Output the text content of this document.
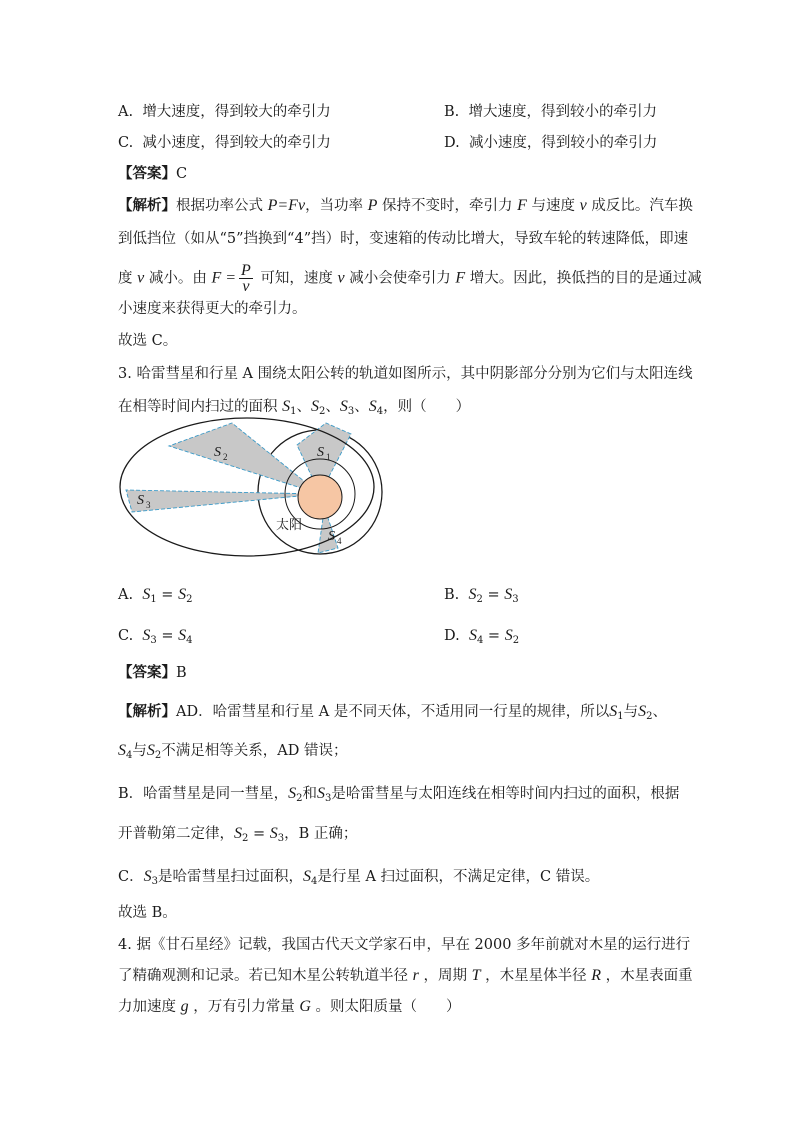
A. 增大速度，得到较大的牵引力	B. 增大速度，得到较小的牵引力
C. 减小速度，得到较大的牵引力	D. 减小速度，得到较小的牵引力
【答案】C
【解析】根据功率公式 P=Fv，当功率 P 保持不变时，牵引力 F 与速度 v 成反比。汽车换
到低挡位（如从“5”挡换到“4”挡）时，变速箱的传动比增大，导致车轮的转速降低，即速
度 v 减小。由 $F = \frac{P}{v}$ 可知，速度 v 减小会使牵引力 F 增大。因此，换低挡的目的是通过减
小速度来获得更大的牵引力。
故选 C。
3. 哈雷彗星和行星 A 围绕太阳公转的轨道如图所示，其中阴影部分分别为它们与太阳连线
在相等时间内扫过的面积 $S_1$、$S_2$、$S_3$、$S_4$，则（　　）
S 2	S 1
S 3
S 4
太阳
A. $S_1 = S_2$	B. $S_2 = S_3$
C. $S_3 = S_4$	D. $S_4 = S_2$
【答案】B
【解析】AD．哈雷彗星和行星 A 是不同天体，不适用同一行星的规律，所以$S_1$与$S_2$、
$S_4$与$S_2$不满足相等关系，AD 错误；
B．哈雷彗星是同一彗星，$S_2$和$S_3$是哈雷彗星与太阳连线在相等时间内扫过的面积，根据
开普勒第二定律，$S_2 = S_3$，B 正确；
C．$S_3$是哈雷彗星扫过面积，$S_4$是行星 A 扫过面积，不满足定律，C 错误。
故选 B。
4. 据《甘石星经》记载，我国古代天文学家石申，早在 2000 多年前就对木星的运行进行
了精确观测和记录。若已知木星公转轨道半径 r ，周期 T ，木星星体半径 R ，木星表面重
力加速度 g ，万有引力常量 G 。则太阳质量（　　）
